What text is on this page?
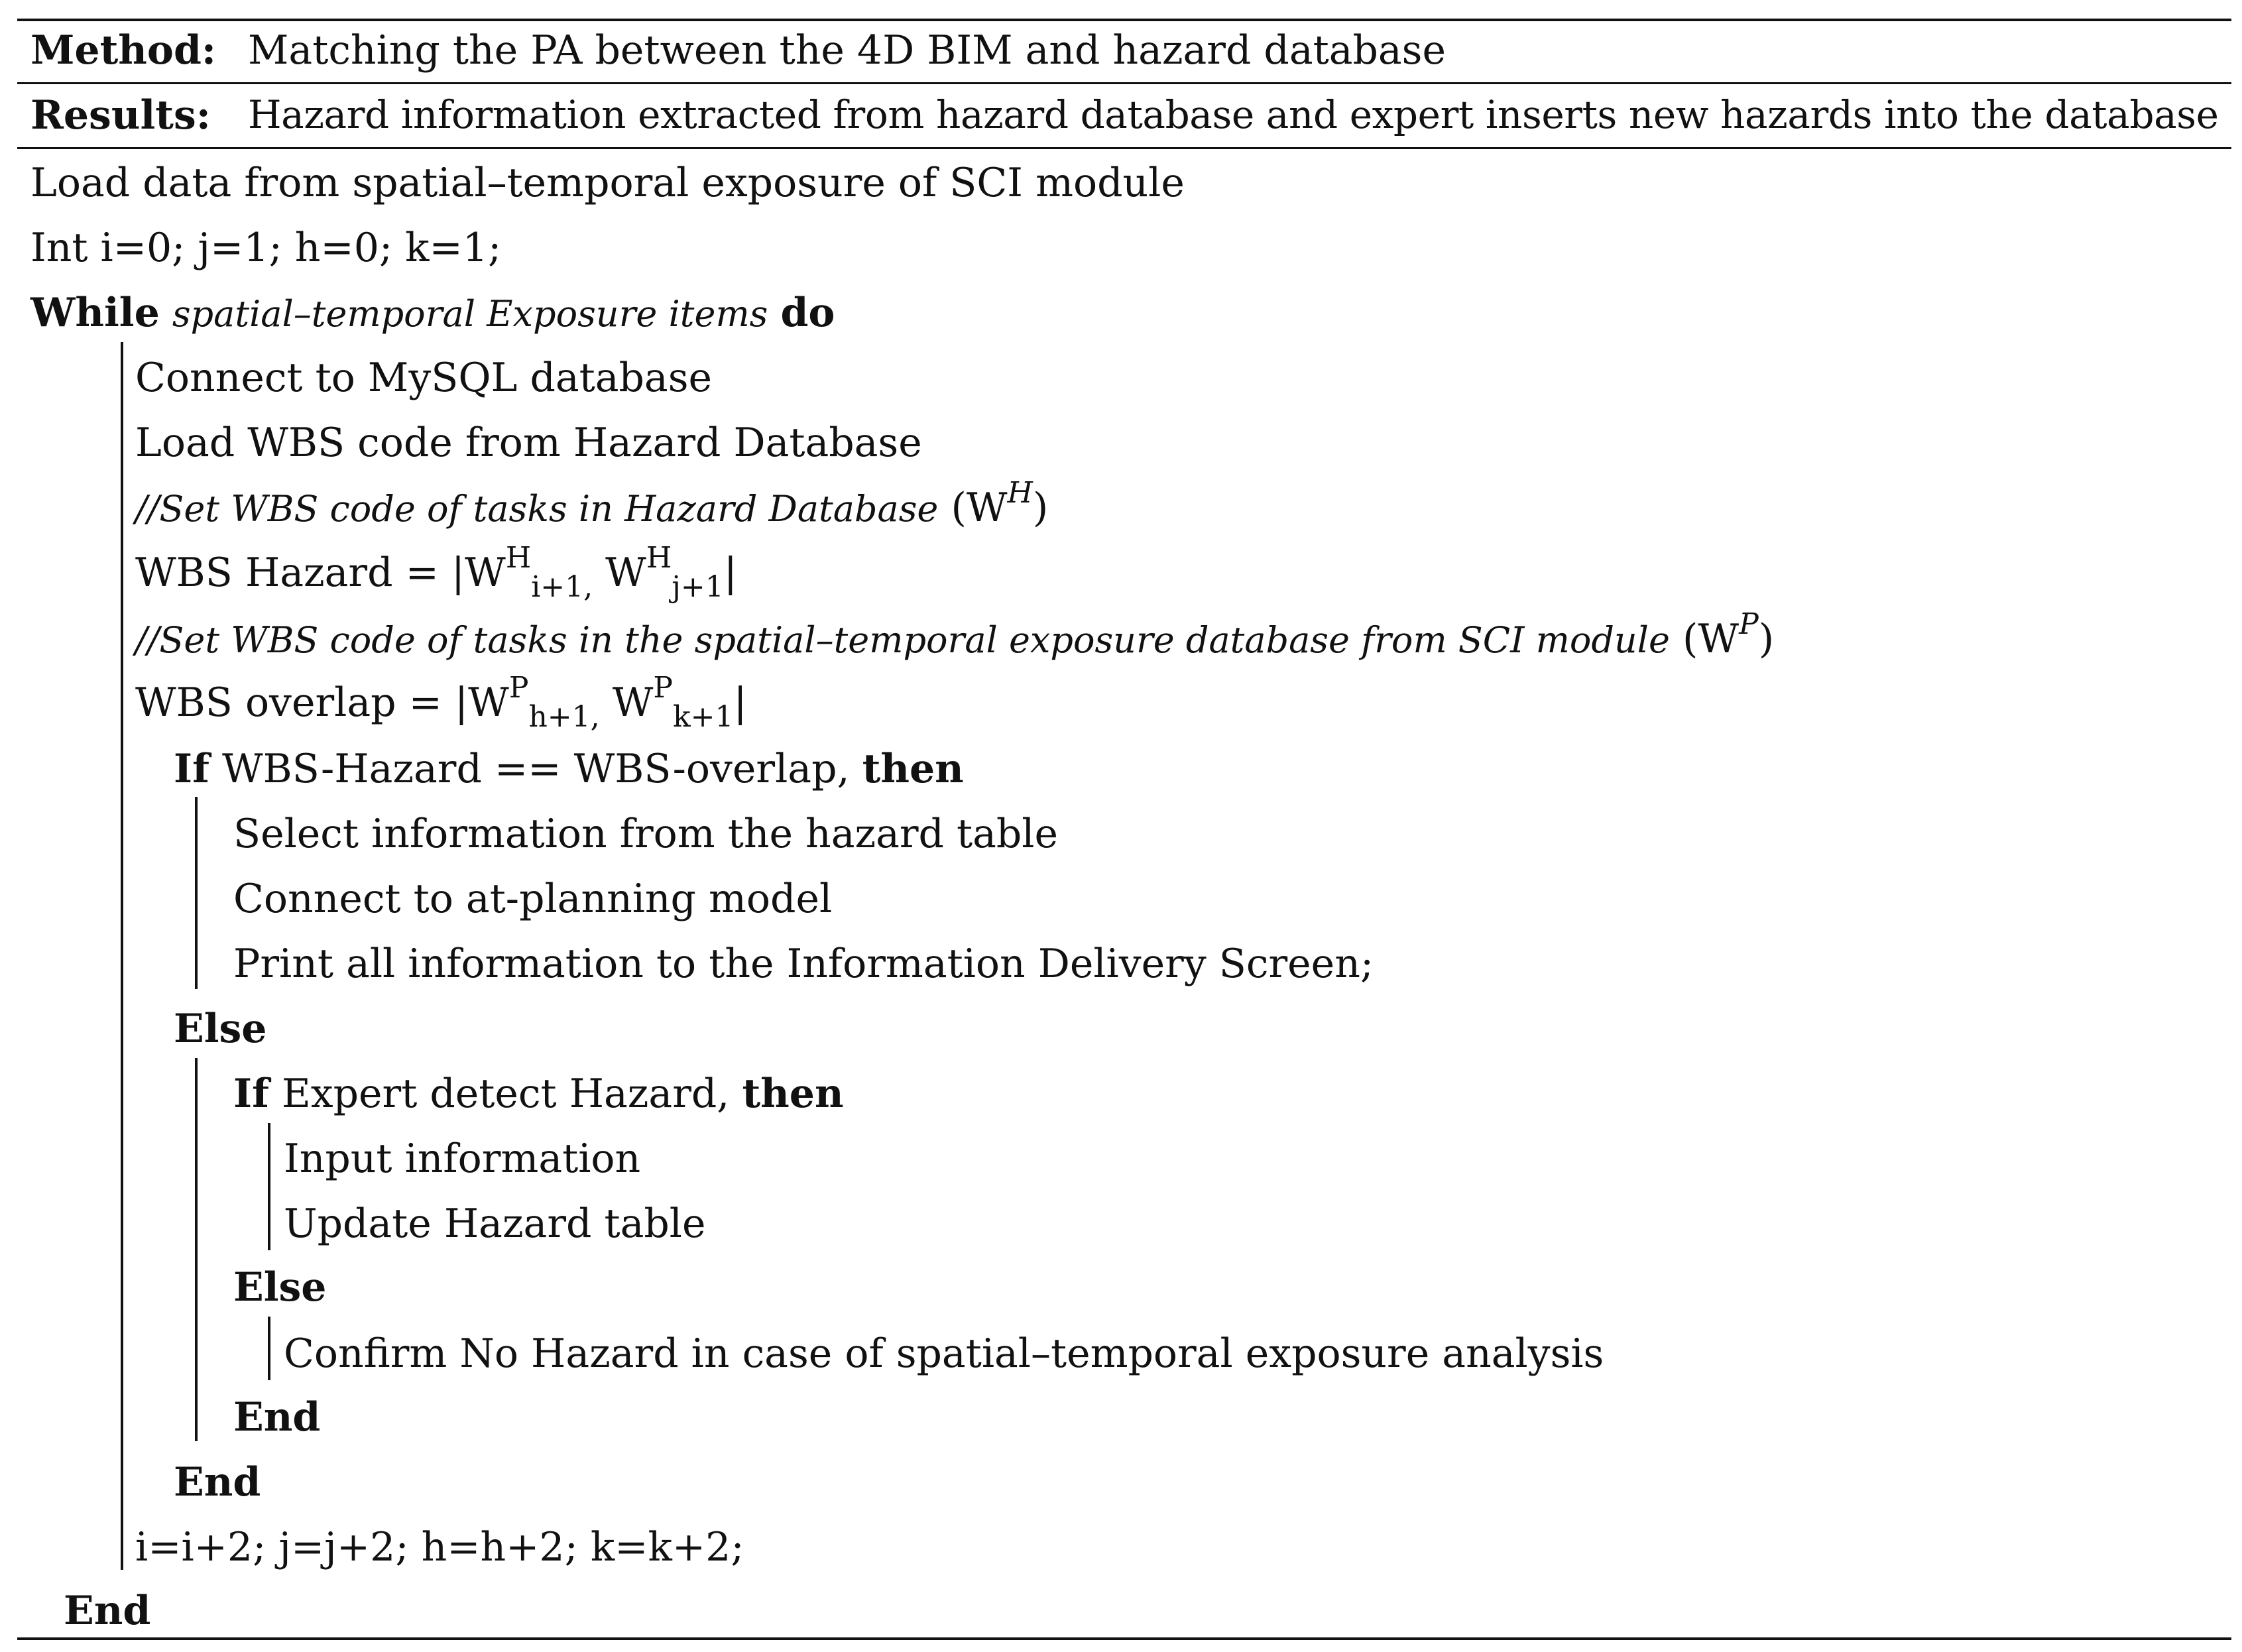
Method: Matching the PA between the 4D BIM and hazard database
Results: Hazard information extracted from hazard database and expert inserts new hazards into the database
Load data from spatial–temporal exposure of SCI module
Int i=0; j=1; h=0; k=1;
While spatial–temporal Exposure items do
Connect to MySQL database
Load WBS code from Hazard Database
//Set WBS code of tasks in Hazard Database $(W^H)$
WBS Hazard = $|W^H_{i+1,}$ $W^H_{j+1}|$
//Set WBS code of tasks in the spatial–temporal exposure database from SCI module $(W^P)$
WBS overlap = $|W^P_{h+1,}$ $W^P_{k+1}|$
If WBS-Hazard == WBS-overlap, then
Select information from the hazard table
Connect to at-planning model
Print all information to the Information Delivery Screen;
Else
If Expert detect Hazard, then
Input information
Update Hazard table
Else
Confirm No Hazard in case of spatial–temporal exposure analysis
End
End
i=i+2; j=j+2; h=h+2; k=k+2;
End
